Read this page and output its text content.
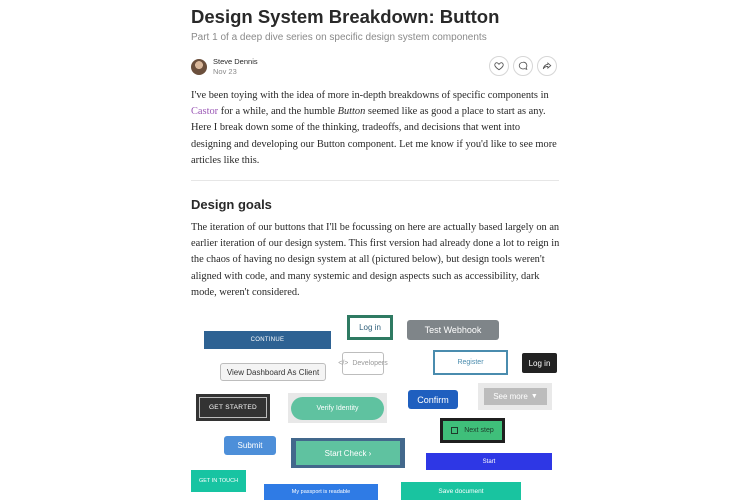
Design System Breakdown: Button
Part 1 of a deep dive series on specific design system components
Steve Dennis
Nov 23

I've been toying with the idea of more in-depth breakdowns of specific components in Castor for a while, and the humble Button seemed like as good a place to start as any. Here I break down some of the thinking, tradeoffs, and decisions that went into designing and developing our Button component. Let me know if you'd like to see more articles like this.

Design goals

The iteration of our buttons that I'll be focussing on here are actually based largely on an earlier iteration of our design system. This first version had already done a lot to reign in the chaos of having no design system at all (pictured below), but design tools weren't aligned with code, and many systemic and design aspects such as accessibility, dark mode, weren't considered.

CONTINUE
Log in	Test Webhook
</> Developers	Register	Log in
View Dashboard As Client
GET STARTED	Verify Identity
Confirm	See more ▼
Submit
Start Check ›
Next step
Start
GET IN TOUCH
My passport is readable	Save document
